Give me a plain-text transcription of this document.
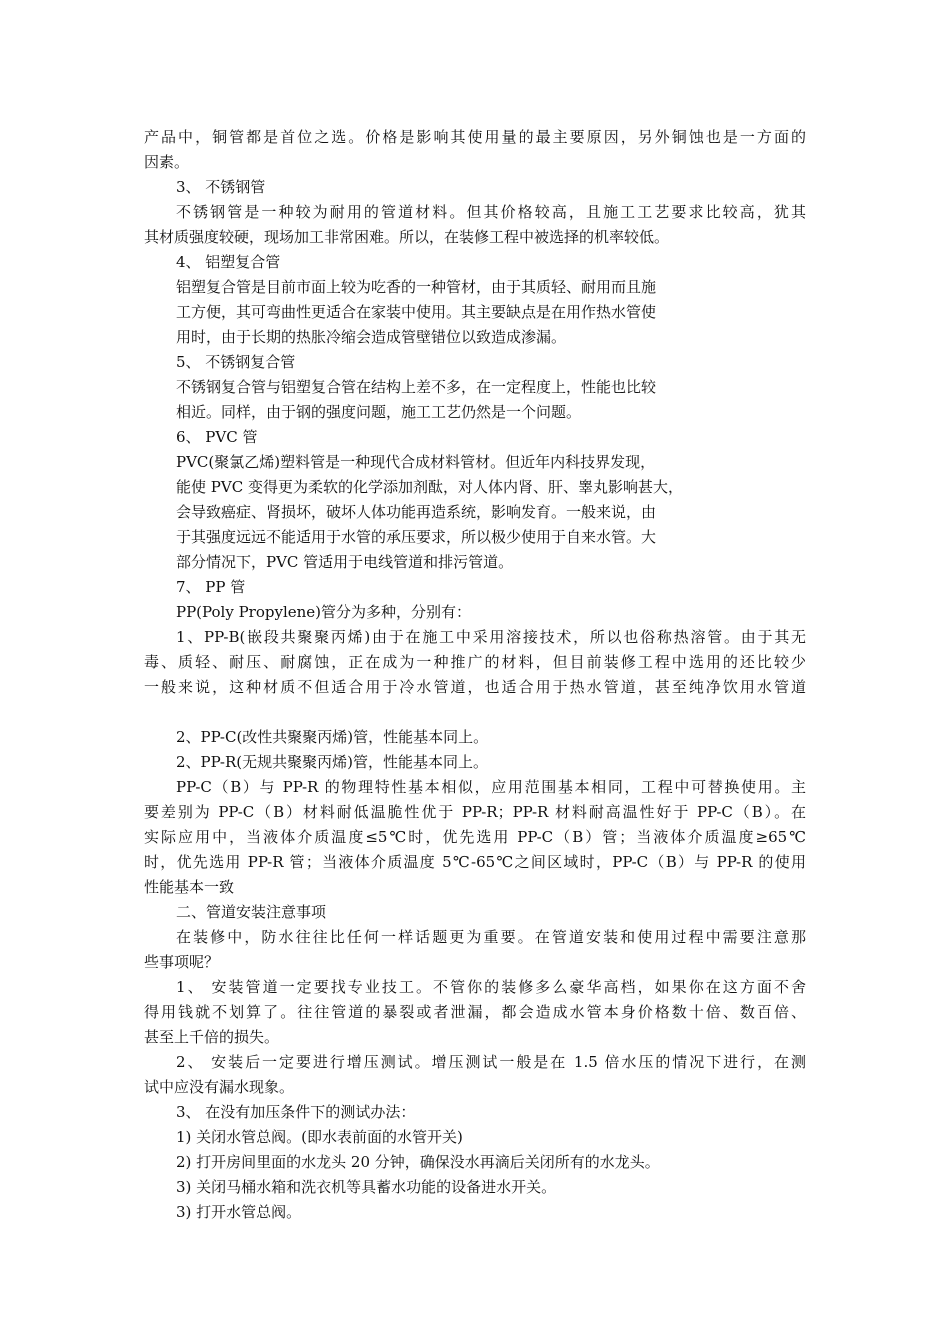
产品中，铜管都是首位之选。价格是影响其使用量的最主要原因，另外铜蚀也是一方面的
因素。
3、 不锈钢管
不锈钢管是一种较为耐用的管道材料。但其价格较高，且施工工艺要求比较高，犹其
其材质强度较硬，现场加工非常困难。所以，在装修工程中被选择的机率较低。
4、 铝塑复合管
铝塑复合管是目前市面上较为吃香的一种管材，由于其质轻、耐用而且施
工方便，其可弯曲性更适合在家装中使用。其主要缺点是在用作热水管使
用时，由于长期的热胀冷缩会造成管壁错位以致造成渗漏。
5、 不锈钢复合管
不锈钢复合管与铝塑复合管在结构上差不多，在一定程度上，性能也比较
相近。同样，由于钢的强度问题，施工工艺仍然是一个问题。
6、 PVC 管
PVC(聚氯乙烯)塑料管是一种现代合成材料管材。但近年内科技界发现，
能使 PVC 变得更为柔软的化学添加剂酞，对人体内肾、肝、睾丸影响甚大，
会导致癌症、肾损坏，破坏人体功能再造系统，影响发育。一般来说，由
于其强度远远不能适用于水管的承压要求，所以极少使用于自来水管。大
部分情况下，PVC 管适用于电线管道和排污管道。
7、 PP 管
PP(Poly Propylene)管分为多种，分别有：
1、PP-B(嵌段共聚聚丙烯)由于在施工中采用溶接技术，所以也俗称热溶管。由于其无
毒、质轻、耐压、耐腐蚀，正在成为一种推广的材料，但目前装修工程中选用的还比较少
一般来说，这种材质不但适合用于冷水管道，也适合用于热水管道，甚至纯净饮用水管道
2、PP-C(改性共聚聚丙烯)管，性能基本同上。
2、PP-R(无规共聚聚丙烯)管，性能基本同上。
PP-C（B）与 PP-R 的物理特性基本相似，应用范围基本相同，工程中可替换使用。主
要差别为 PP-C（B）材料耐低温脆性优于 PP-R；PP-R 材料耐高温性好于 PP-C（B）。在
实际应用中，当液体介质温度≤5℃时，优先选用 PP-C（B）管；当液体介质温度≥65℃
时，优先选用 PP-R 管；当液体介质温度 5℃-65℃之间区域时，PP-C（B）与 PP-R 的使用
性能基本一致
二、管道安装注意事项
在装修中，防水往往比任何一样话题更为重要。在管道安装和使用过程中需要注意那
些事项呢？
1、 安装管道一定要找专业技工。不管你的装修多么豪华高档，如果你在这方面不舍
得用钱就不划算了。往往管道的暴裂或者泄漏，都会造成水管本身价格数十倍、数百倍、
甚至上千倍的损失。
2、 安装后一定要进行增压测试。增压测试一般是在 1.5 倍水压的情况下进行，在测
试中应没有漏水现象。
3、 在没有加压条件下的测试办法：
1) 关闭水管总阀。(即水表前面的水管开关)
2) 打开房间里面的水龙头 20 分钟，确保没水再滴后关闭所有的水龙头。
3) 关闭马桶水箱和洗衣机等具蓄水功能的设备进水开关。
3) 打开水管总阀。
